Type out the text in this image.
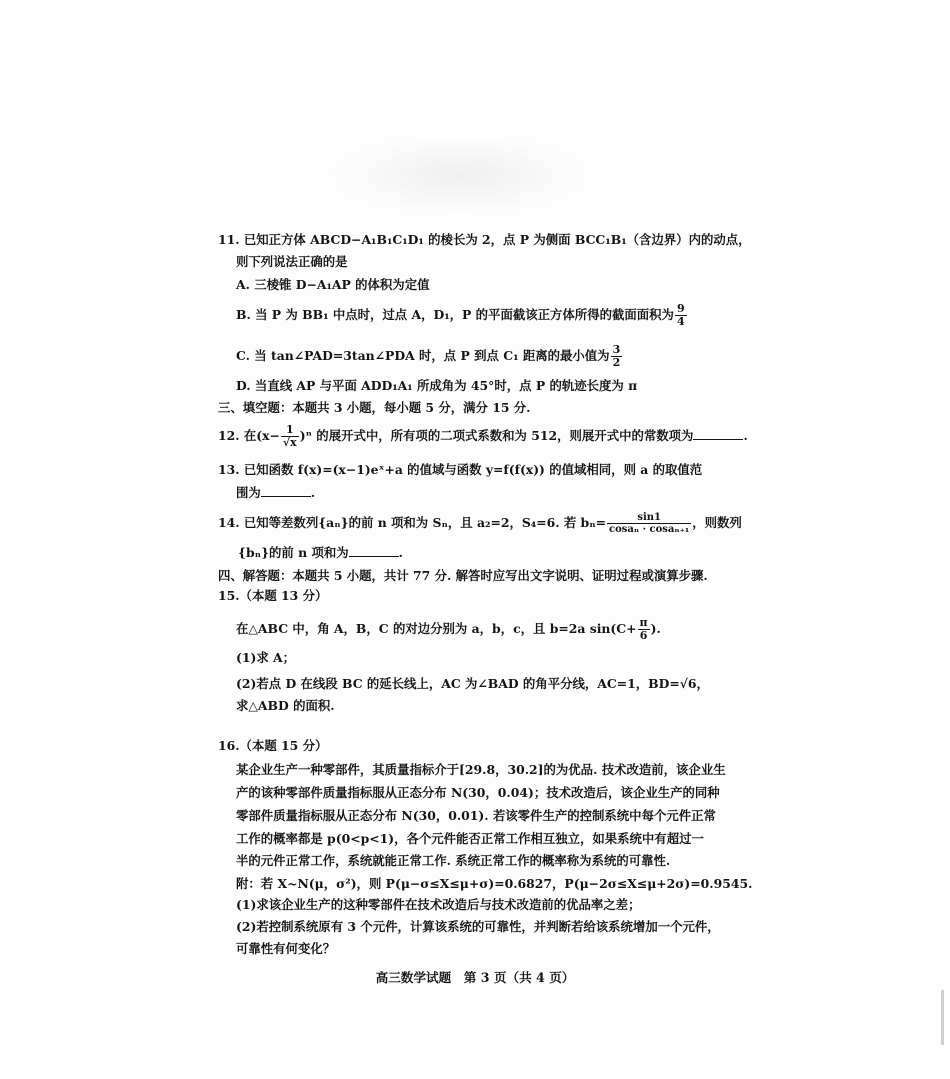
11. 已知正方体 ABCD−A₁B₁C₁D₁ 的棱长为 2，点 P 为侧面 BCC₁B₁（含边界）内的动点，
则下列说法正确的是
A. 三棱锥 D−A₁AP 的体积为定值
B. 当 P 为 BB₁ 中点时，过点 A，D₁，P 的平面截该正方体所得的截面面积为 $\frac{9}{4}$
C. 当 tan∠PAD=3tan∠PDA 时，点 P 到点 C₁ 距离的最小值为 $\frac{3}{2}$
D. 当直线 AP 与平面 ADD₁A₁ 所成角为 45°时，点 P 的轨迹长度为 π
三、填空题：本题共 3 小题，每小题 5 分，满分 15 分.
12. 在$(x- \frac{1}{√x} )^n$ 的展开式中，所有项的二项式系数和为 512，则展开式中的常数项为	.
13. 已知函数 f(x)=(x−1)eˣ+a 的值域与函数 y=f(f(x)) 的值域相同，则 a 的取值范
围为	.
14. 已知等差数列{aₙ}的前 n 项和为 Sₙ，且 a₂=2，S₄=6. 若 $b_n= \frac{\sin 1}{\text{cosaₙ · cosaₙ₊₁}}$ ，则数列
{bₙ}的前 n 项和为	.
四、解答题：本题共 5 小题，共计 77 分. 解答时应写出文字说明、证明过程或演算步骤.
15.（本题 13 分）
在△ABC 中，角 A，B，C 的对边分别为 a，b，c，且 b=2a $\sin(C+ \frac{\pi}{6}$ ).
(1)求 A；
(2)若点 D 在线段 BC 的延长线上，AC 为∠BAD 的角平分线，AC=1，BD=√6，
求△ABD 的面积.
16.（本题 15 分）
某企业生产一种零部件，其质量指标介于[29.8，30.2]的为优品. 技术改造前，该企业生
产的该种零部件质量指标服从正态分布 N(30，0.04)；技术改造后，该企业生产的同种
零部件质量指标服从正态分布 N(30，0.01). 若该零件生产的控制系统中每个元件正常
工作的概率都是 p(0<p<1)，各个元件能否正常工作相互独立，如果系统中有超过一
半的元件正常工作，系统就能正常工作. 系统正常工作的概率称为系统的可靠性.
附：若 X~N(μ，σ²)，则 P(μ−σ≤X≤μ+σ)=0.6827，P(μ−2σ≤X≤μ+2σ)=0.9545.
(1)求该企业生产的这种零部件在技术改造后与技术改造前的优品率之差；
(2)若控制系统原有 3 个元件，计算该系统的可靠性，并判断若给该系统增加一个元件，
可靠性有何变化？
高三数学试题　第 3 页（共 4 页）
